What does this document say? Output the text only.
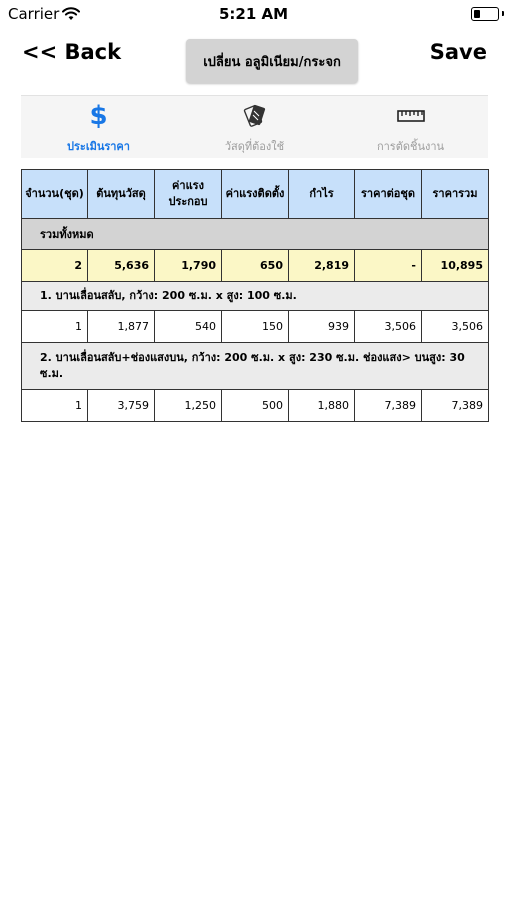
Carrier	5:21 AM
<< Back	เปลี่ยน อลูมิเนียม/กระจก	Save
$
ประเมินราคา	วัสดุที่ต้องใช้	การตัดชิ้นงาน
จำนวน(ชุด)	ต้นทุนวัสดุ	ค่าแรง ประกอบ	ค่าแรงติดตั้ง	กำไร	ราคาต่อชุด	ราคารวม
รวมทั้งหมด						
2	5,636	1,790	650	2,819	-	10,895
1. บานเลื่อนสลับ, กว้าง: 200 ซ.ม. x สูง: 100 ซ.ม.						
1	1,877	540	150	939	3,506	3,506
2. บานเลื่อนสลับ+ช่องแสงบน, กว้าง: 200 ซ.ม. x สูง: 230 ซ.ม. ช่องแสง> บนสูง: 30 ซ.ม.						
1	3,759	1,250	500	1,880	7,389	7,389
